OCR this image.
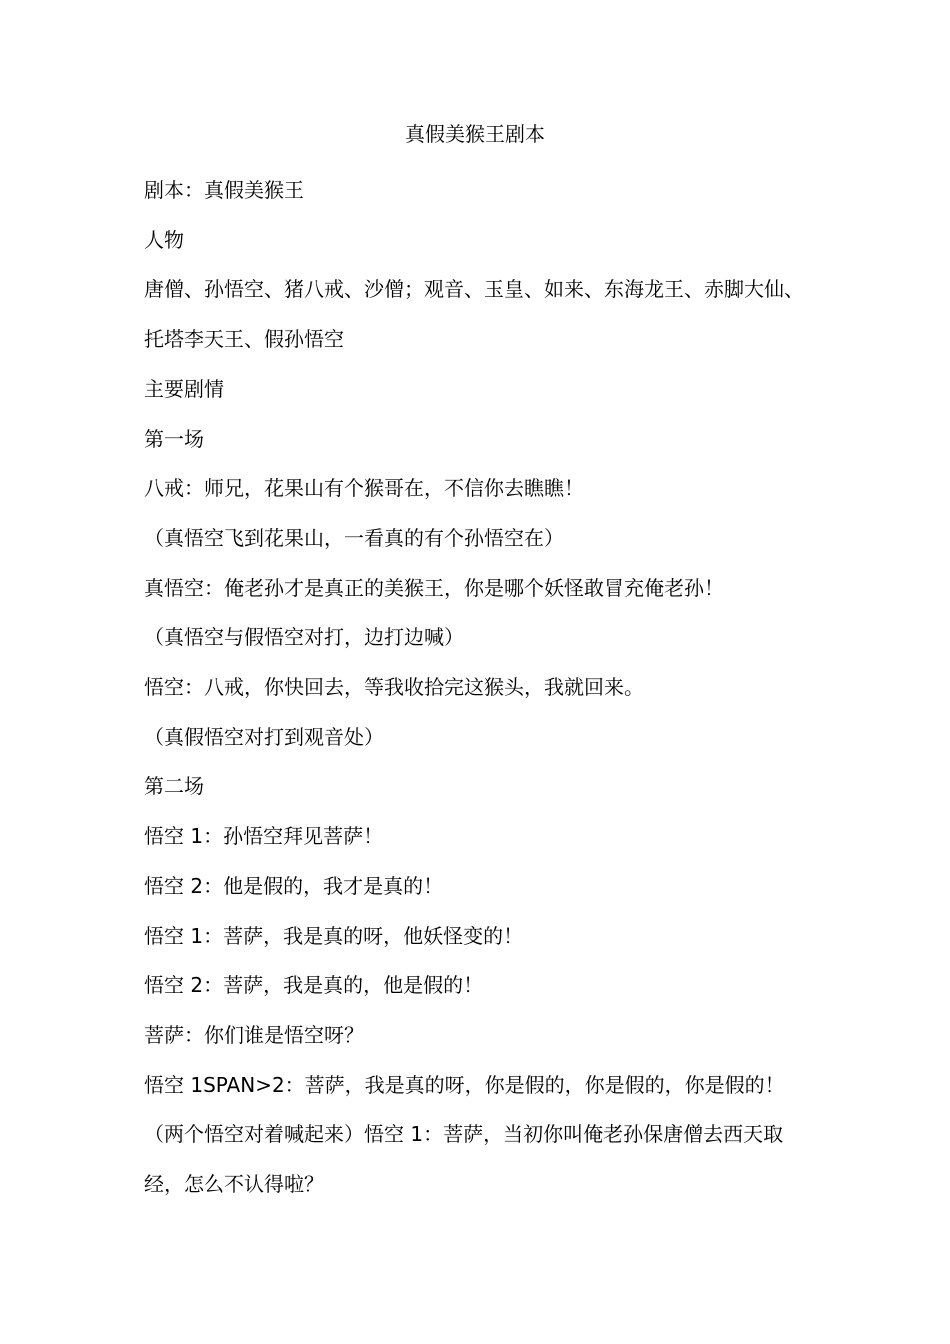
真假美猴王剧本

剧本：真假美猴王

人物

唐僧、孙悟空、猪八戒、沙僧；观音、玉皇、如来、东海龙王、赤脚大仙、托塔李天王、假孙悟空

主要剧情

第一场

八戒：师兄，花果山有个猴哥在，不信你去瞧瞧！

（真悟空飞到花果山，一看真的有个孙悟空在）

真悟空：俺老孙才是真正的美猴王，你是哪个妖怪敢冒充俺老孙！

（真悟空与假悟空对打，边打边喊）

悟空：八戒，你快回去，等我收拾完这猴头，我就回来。

（真假悟空对打到观音处）

第二场

悟空 1：孙悟空拜见菩萨！

悟空 2：他是假的，我才是真的！

悟空 1：菩萨，我是真的呀，他妖怪变的！

悟空 2：菩萨，我是真的，他是假的！

菩萨：你们谁是悟空呀？

悟空 1SPAN>2：菩萨，我是真的呀，你是假的，你是假的，你是假的！

（两个悟空对着喊起来）悟空 1：菩萨，当初你叫俺老孙保唐僧去西天取经，怎么不认得啦？
